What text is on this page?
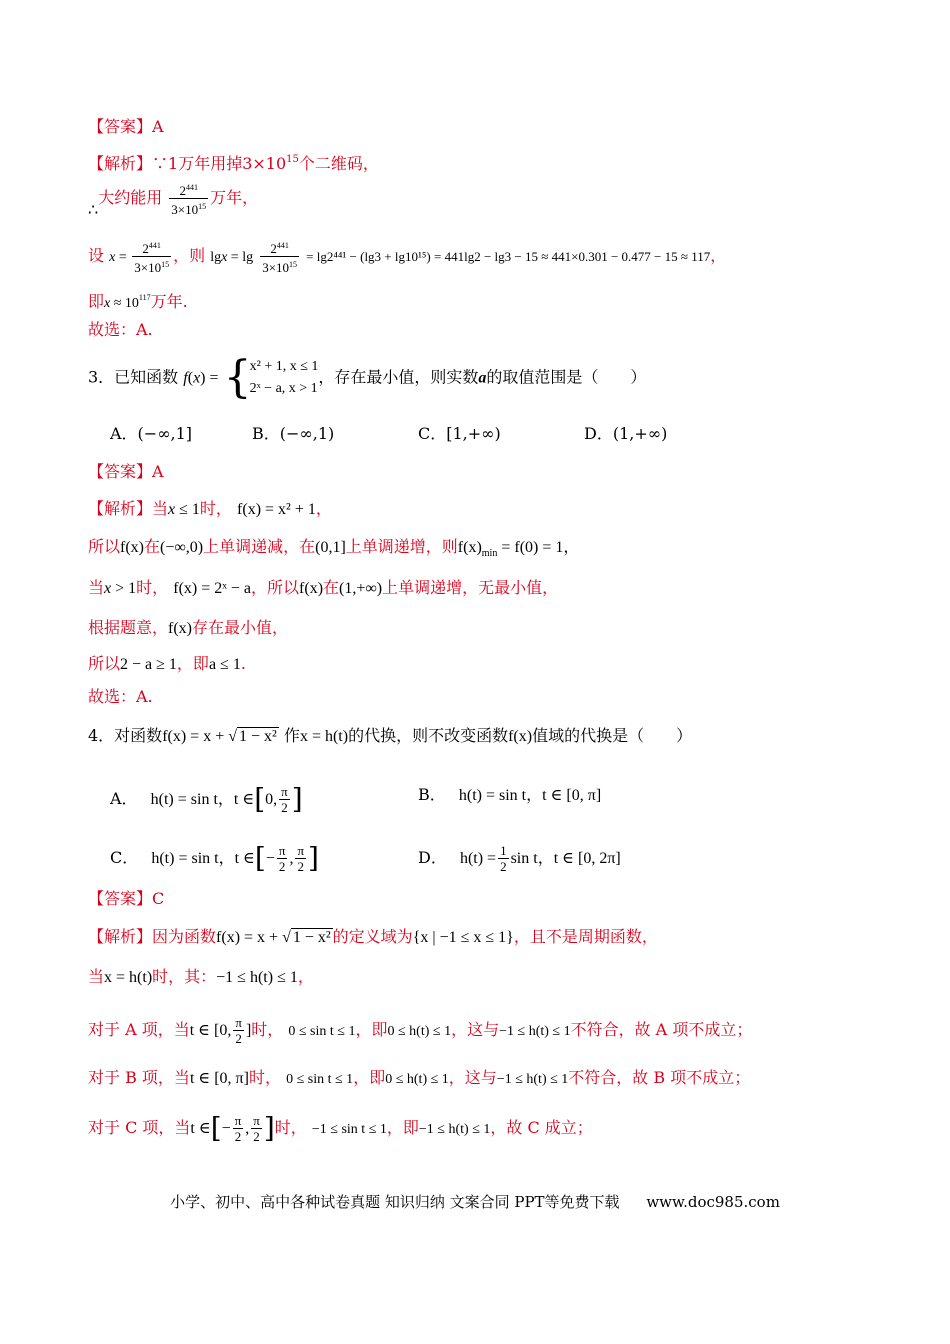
【答案】A
【解析】∵1万年用掉$3\times 10^{15}$个二维码，
∴大约能用 $\frac{2^{441}}{3\times 10^{15}}$ 万年，
设 $x = \frac{2^{441}}{3\times 10^{15}}$ ，则 $\lg x = \lg \frac{2^{441}}{3\times 10^{15}} = \lg 2^{441} - (\lg 3 + \lg 10^{15}) = 441\lg 2 - \lg 3 - 15 \approx 441\times 0.301 - 0.477 - 15 \approx 117$，
即$x \approx 10^{117}$万年.
故选：A.
3．已知函数 f(x) = {
x² + 1, x ≤ 1
2ˣ − a, x > 1
，存在最小值，则实数a的取值范围是（　　）
A．(−∞,1]	B．(−∞,1)	C．[1,+∞)	D．(1,+∞)
【答案】A
【解析】当x ≤ 1时， f(x) = x² + 1，
所以f(x)在(−∞,0)上单调递减，在(0,1]上单调递增，则$f(x)_{min} = f(0) = 1$，
当x > 1时， f(x) = 2ˣ − a，所以f(x)在(1,+∞)上单调递增，无最小值，
根据题意，f(x)存在最小值，
所以2 − a ≥ 1，即a ≤ 1.
故选：A.
4．对函数f(x) = x + √ 1 − x² 作x = h(t)的代换，则不改变函数f(x)值域的代换是（　　）
A． h(t) = sin t，t ∈[0, $\frac{\pi}{2}$ ]	B． h(t) = sin t，t ∈ [0, π]
C． h(t) = sin t，t ∈[− $\frac{\pi}{2}$ , $\frac{\pi}{2}$ ]	D． $h(t) = \frac{1}{2}$ sin t，t ∈ [0, 2π]
【答案】C
【解析】因为函数f(x) = x + √ 1 − x² 的定义域为{x | −1 ≤ x ≤ 1}，且不是周期函数，
当x = h(t)时，其：−1 ≤ h(t) ≤ 1，
对于 A 项，当t ∈ [0, $\frac{\pi}{2}$ ]时， 0 ≤ sin t ≤ 1，即0 ≤ h(t) ≤ 1，这与−1 ≤ h(t) ≤ 1不符合，故 A 项不成立；
对于 B 项，当t ∈ [0, π]时， 0 ≤ sin t ≤ 1，即0 ≤ h(t) ≤ 1，这与−1 ≤ h(t) ≤ 1不符合，故 B 项不成立；
对于 C 项，当t ∈[− $\frac{\pi}{2}$ , $\frac{\pi}{2}$ ]时， −1 ≤ sin t ≤ 1，即−1 ≤ h(t) ≤ 1，故 C 成立；
小学、初中、高中各种试卷真题 知识归纳 文案合同 PPT等免费下载 www.doc985.com
